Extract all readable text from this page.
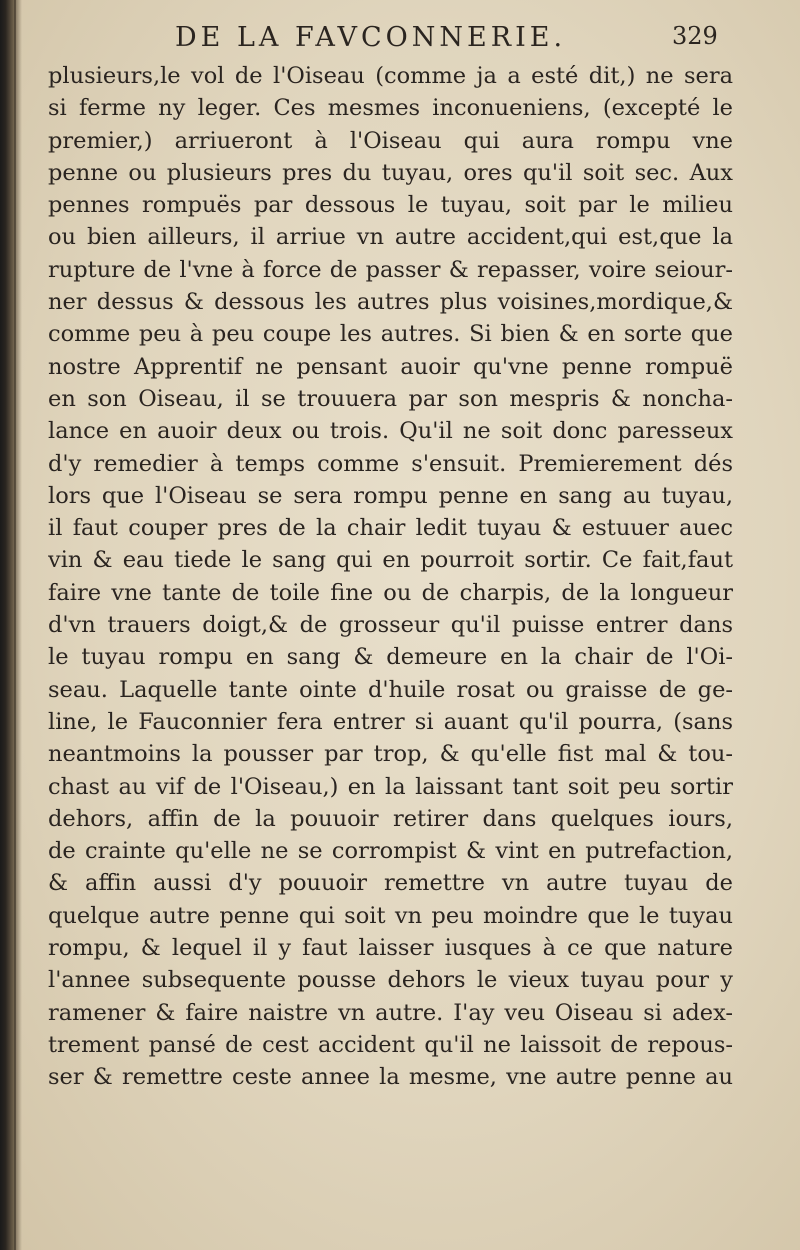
DE LA FAVCONNERIE.	329
plusieurs,le vol de l'Oiseau (comme ja a esté dit,) ne sera
si ferme ny leger. Ces mesmes inconueniens, (excepté le
premier,) arriueront à l'Oiseau qui aura rompu vne
penne ou plusieurs pres du tuyau, ores qu'il soit sec. Aux
pennes rompuës par dessous le tuyau, soit par le milieu
ou bien ailleurs, il arriue vn autre accident,qui est,que la
rupture de l'vne à force de passer & repasser, voire seiour-
ner dessus & dessous les autres plus voisines,mordique,&
comme peu à peu coupe les autres. Si bien & en sorte que
nostre Apprentif ne pensant auoir qu'vne penne rompuë
en son Oiseau, il se trouuera par son mespris & noncha-
lance en auoir deux ou trois. Qu'il ne soit donc paresseux
d'y remedier à temps comme s'ensuit. Premierement dés
lors que l'Oiseau se sera rompu penne en sang au tuyau,
il faut couper pres de la chair ledit tuyau & estuuer auec
vin & eau tiede le sang qui en pourroit sortir. Ce fait,faut
faire vne tante de toile fine ou de charpis, de la longueur
d'vn trauers doigt,& de grosseur qu'il puisse entrer dans
le tuyau rompu en sang & demeure en la chair de l'Oi-
seau. Laquelle tante ointe d'huile rosat ou graisse de ge-
line, le Fauconnier fera entrer si auant qu'il pourra, (sans
neantmoins la pousser par trop, & qu'elle fist mal & tou-
chast au vif de l'Oiseau,) en la laissant tant soit peu sortir
dehors, affin de la pouuoir retirer dans quelques iours,
de crainte qu'elle ne se corrompist & vint en putrefaction,
& affin aussi d'y pouuoir remettre vn autre tuyau de
quelque autre penne qui soit vn peu moindre que le tuyau
rompu, & lequel il y faut laisser iusques à ce que nature
l'annee subsequente pousse dehors le vieux tuyau pour y
ramener & faire naistre vn autre. I'ay veu Oiseau si adex-
trement pansé de cest accident qu'il ne laissoit de repous-
ser & remettre ceste annee la mesme, vne autre penne au
